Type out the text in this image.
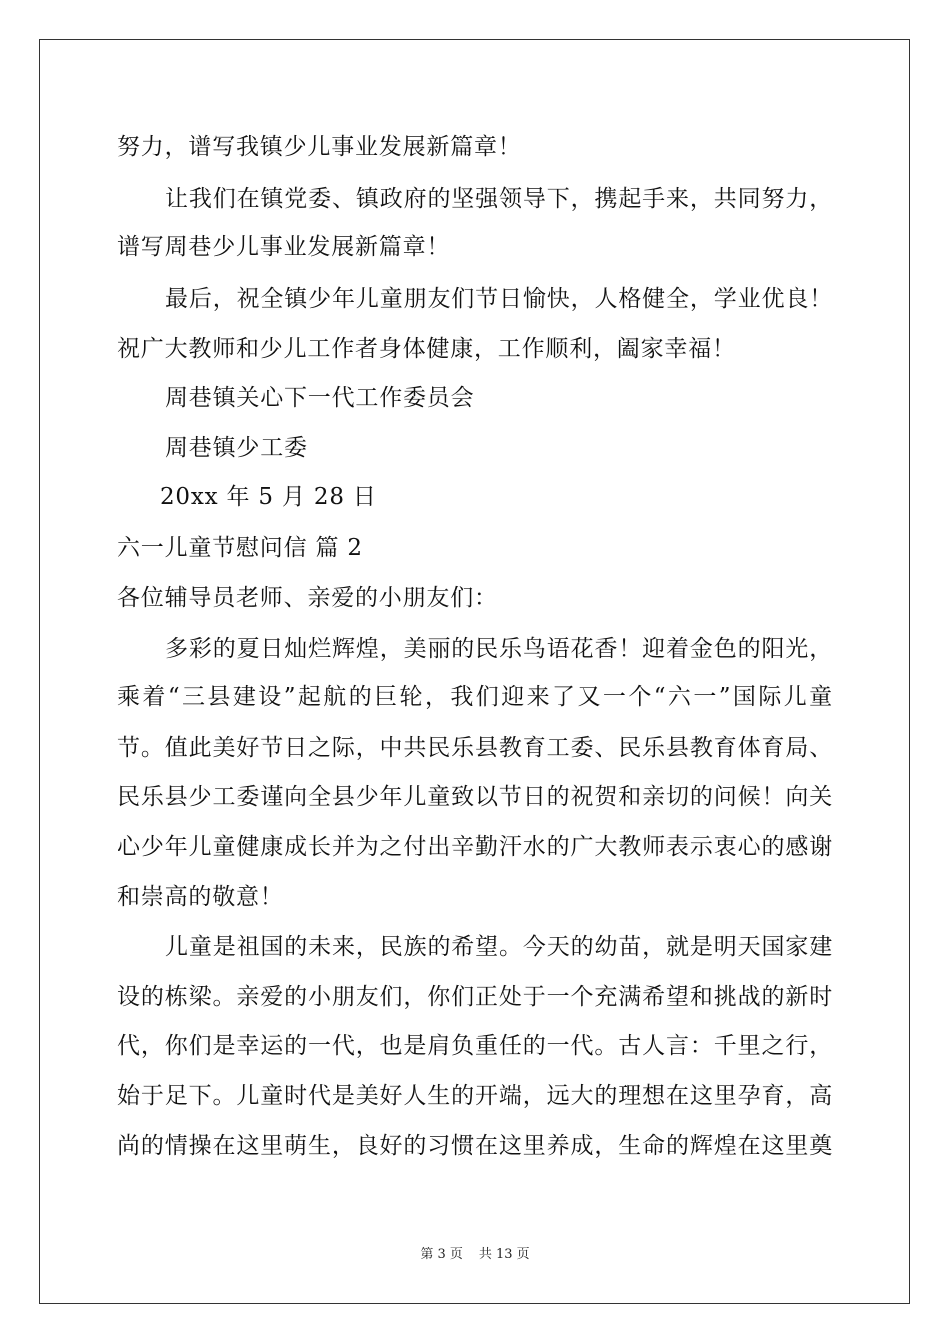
努力，谱写我镇少儿事业发展新篇章！
让我们在镇党委、镇政府的坚强领导下，携起手来，共同努力，
谱写周巷少儿事业发展新篇章！
最后，祝全镇少年儿童朋友们节日愉快，人格健全，学业优良！
祝广大教师和少儿工作者身体健康，工作顺利，阖家幸福！
周巷镇关心下一代工作委员会
周巷镇少工委
20xx 年 5 月 28 日
六一儿童节慰问信 篇 2
各位辅导员老师、亲爱的小朋友们：
多彩的夏日灿烂辉煌，美丽的民乐鸟语花香！迎着金色的阳光，
乘着“三县建设”起航的巨轮，我们迎来了又一个“六一”国际儿童
节。值此美好节日之际，中共民乐县教育工委、民乐县教育体育局、
民乐县少工委谨向全县少年儿童致以节日的祝贺和亲切的问候！向关
心少年儿童健康成长并为之付出辛勤汗水的广大教师表示衷心的感谢
和崇高的敬意！
儿童是祖国的未来，民族的希望。今天的幼苗，就是明天国家建
设的栋梁。亲爱的小朋友们，你们正处于一个充满希望和挑战的新时
代，你们是幸运的一代，也是肩负重任的一代。古人言：千里之行，
始于足下。儿童时代是美好人生的开端，远大的理想在这里孕育，高
尚的情操在这里萌生，良好的习惯在这里养成，生命的辉煌在这里奠
第 3 页 共 13 页
